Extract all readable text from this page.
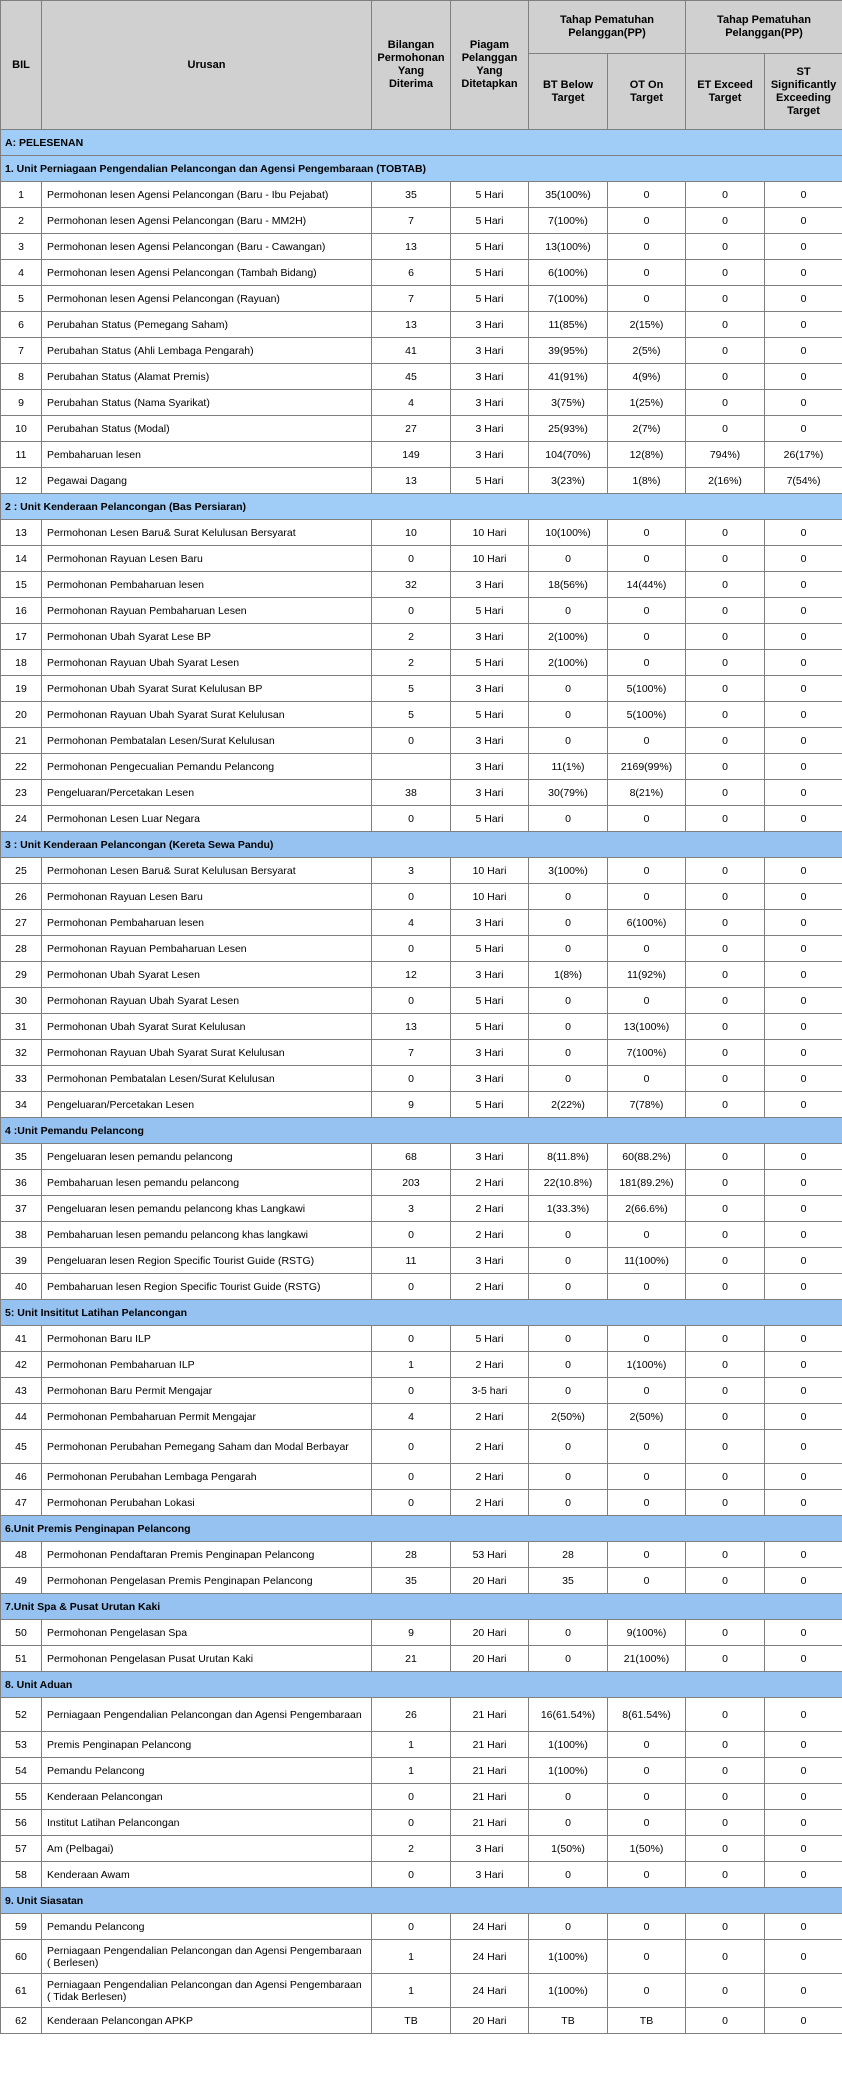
BIL	Urusan	Bilangan Permohonan Yang Diterima	Piagam Pelanggan Yang Ditetapkan	Tahap Pematuhan Pelanggan(PP)		Tahap Pematuhan Pelanggan(PP)	
				BT Below Target	OT On Target	ET Exceed Target	ST Significantly Exceeding Target
A: PELESENAN							
1. Unit Perniagaan Pengendalian Pelancongan dan Agensi Pengembaraan (TOBTAB)							
1	Permohonan lesen Agensi Pelancongan (Baru - Ibu Pejabat)	35	5 Hari	35(100%)	0	0	0
2	Permohonan lesen Agensi Pelancongan (Baru - MM2H)	7	5 Hari	7(100%)	0	0	0
3	Permohonan lesen Agensi Pelancongan (Baru - Cawangan)	13	5 Hari	13(100%)	0	0	0
4	Permohonan lesen Agensi Pelancongan (Tambah Bidang)	6	5 Hari	6(100%)	0	0	0
5	Permohonan lesen Agensi Pelancongan (Rayuan)	7	5 Hari	7(100%)	0	0	0
6	Perubahan Status (Pemegang Saham)	13	3 Hari	11(85%)	2(15%)	0	0
7	Perubahan Status (Ahli Lembaga Pengarah)	41	3 Hari	39(95%)	2(5%)	0	0
8	Perubahan Status (Alamat Premis)	45	3 Hari	41(91%)	4(9%)	0	0
9	Perubahan Status (Nama Syarikat)	4	3 Hari	3(75%)	1(25%)	0	0
10	Perubahan Status (Modal)	27	3 Hari	25(93%)	2(7%)	0	0
11	Pembaharuan lesen	149	3 Hari	104(70%)	12(8%)	794%)	26(17%)
12	Pegawai Dagang	13	5 Hari	3(23%)	1(8%)	2(16%)	7(54%)
2 : Unit Kenderaan Pelancongan (Bas Persiaran)							
13	Permohonan Lesen Baru& Surat Kelulusan Bersyarat	10	10 Hari	10(100%)	0	0	0
14	Permohonan Rayuan Lesen Baru	0	10 Hari	0	0	0	0
15	Permohonan Pembaharuan lesen	32	3 Hari	18(56%)	14(44%)	0	0
16	Permohonan Rayuan Pembaharuan Lesen	0	5 Hari	0	0	0	0
17	Permohonan Ubah Syarat Lese BP	2	3 Hari	2(100%)	0	0	0
18	Permohonan Rayuan Ubah Syarat Lesen	2	5 Hari	2(100%)	0	0	0
19	Permohonan Ubah Syarat Surat Kelulusan BP	5	3 Hari	0	5(100%)	0	0
20	Permohonan Rayuan Ubah Syarat Surat Kelulusan	5	5 Hari	0	5(100%)	0	0
21	Permohonan Pembatalan Lesen/Surat Kelulusan	0	3 Hari	0	0	0	0
22	Permohonan Pengecualian Pemandu Pelancong		3 Hari	11(1%)	2169(99%)	0	0
23	Pengeluaran/Percetakan Lesen	38	3 Hari	30(79%)	8(21%)	0	0
24	Permohonan Lesen Luar Negara	0	5 Hari	0	0	0	0
3 : Unit Kenderaan Pelancongan (Kereta Sewa Pandu)							
25	Permohonan Lesen Baru& Surat Kelulusan Bersyarat	3	10 Hari	3(100%)	0	0	0
26	Permohonan Rayuan Lesen Baru	0	10 Hari	0	0	0	0
27	Permohonan Pembaharuan lesen	4	3 Hari	0	6(100%)	0	0
28	Permohonan Rayuan Pembaharuan Lesen	0	5 Hari	0	0	0	0
29	Permohonan Ubah Syarat Lesen	12	3 Hari	1(8%)	11(92%)	0	0
30	Permohonan Rayuan Ubah Syarat Lesen	0	5 Hari	0	0	0	0
31	Permohonan Ubah Syarat Surat Kelulusan	13	5 Hari	0	13(100%)	0	0
32	Permohonan Rayuan Ubah Syarat Surat Kelulusan	7	3 Hari	0	7(100%)	0	0
33	Permohonan Pembatalan Lesen/Surat Kelulusan	0	3 Hari	0	0	0	0
34	Pengeluaran/Percetakan Lesen	9	5 Hari	2(22%)	7(78%)	0	0
4 :Unit Pemandu Pelancong							
35	Pengeluaran lesen pemandu pelancong	68	3 Hari	8(11.8%)	60(88.2%)	0	0
36	Pembaharuan lesen pemandu pelancong	203	2 Hari	22(10.8%)	181(89.2%)	0	0
37	Pengeluaran lesen pemandu pelancong khas Langkawi	3	2 Hari	1(33.3%)	2(66.6%)	0	0
38	Pembaharuan lesen pemandu pelancong khas langkawi	0	2 Hari	0	0	0	0
39	Pengeluaran lesen Region Specific Tourist Guide (RSTG)	11	3 Hari	0	11(100%)	0	0
40	Pembaharuan lesen Region Specific Tourist Guide (RSTG)	0	2 Hari	0	0	0	0
5: Unit Insititut Latihan Pelancongan							
41	Permohonan Baru ILP	0	5 Hari	0	0	0	0
42	Permohonan Pembaharuan ILP	1	2 Hari	0	1(100%)	0	0
43	Permohonan Baru Permit Mengajar	0	3-5 hari	0	0	0	0
44	Permohonan Pembaharuan Permit Mengajar	4	2 Hari	2(50%)	2(50%)	0	0
45	Permohonan Perubahan Pemegang Saham dan Modal Berbayar	0	2 Hari	0	0	0	0
46	Permohonan Perubahan Lembaga Pengarah	0	2 Hari	0	0	0	0
47	Permohonan Perubahan Lokasi	0	2 Hari	0	0	0	0
6.Unit Premis Penginapan Pelancong							
48	Permohonan Pendaftaran Premis Penginapan Pelancong	28	53 Hari	28	0	0	0
49	Permohonan Pengelasan Premis Penginapan Pelancong	35	20 Hari	35	0	0	0
7.Unit Spa & Pusat Urutan Kaki							
50	Permohonan Pengelasan Spa	9	20 Hari	0	9(100%)	0	0
51	Permohonan Pengelasan Pusat Urutan Kaki	21	20 Hari	0	21(100%)	0	0
8. Unit Aduan							
52	Perniagaan Pengendalian Pelancongan dan Agensi Pengembaraan	26	21 Hari	16(61.54%)	8(61.54%)	0	0
53	Premis Penginapan Pelancong	1	21 Hari	1(100%)	0	0	0
54	Pemandu Pelancong	1	21 Hari	1(100%)	0	0	0
55	Kenderaan Pelancongan	0	21 Hari	0	0	0	0
56	Institut Latihan Pelancongan	0	21 Hari	0	0	0	0
57	Am (Pelbagai)	2	3 Hari	1(50%)	1(50%)	0	0
58	Kenderaan Awam	0	3 Hari	0	0	0	0
9. Unit Siasatan							
59	Pemandu Pelancong	0	24 Hari	0	0	0	0
60	Perniagaan Pengendalian Pelancongan dan Agensi Pengembaraan ( Berlesen)	1	24 Hari	1(100%)	0	0	0
61	Perniagaan Pengendalian Pelancongan dan Agensi Pengembaraan ( Tidak Berlesen)	1	24 Hari	1(100%)	0	0	0
62	Kenderaan Pelancongan APKP	TB	20 Hari	TB	TB	0	0
